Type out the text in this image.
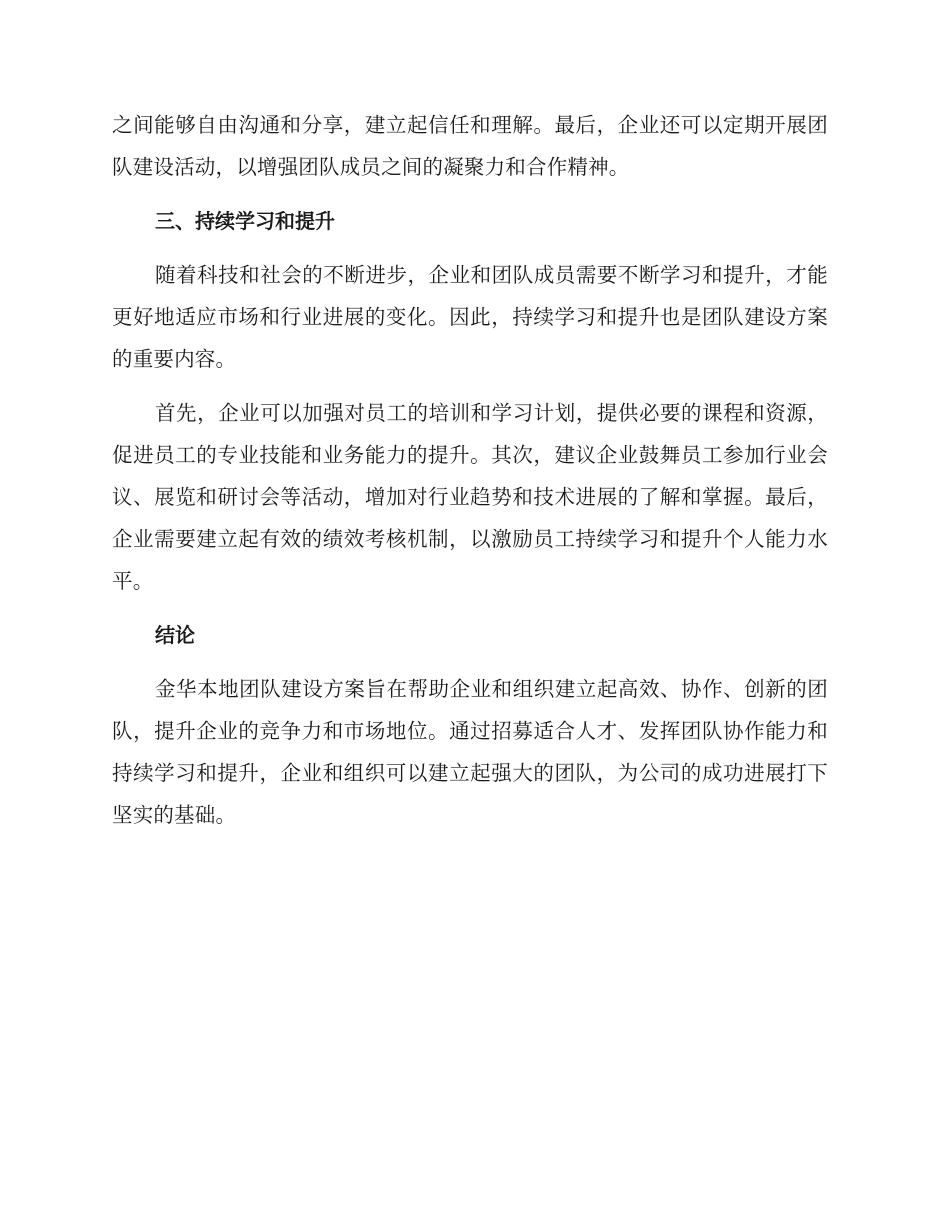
之间能够自由沟通和分享，建立起信任和理解。最后，企业还可以定期开展团队建设活动，以增强团队成员之间的凝聚力和合作精神。

三、持续学习和提升

随着科技和社会的不断进步，企业和团队成员需要不断学习和提升，才能更好地适应市场和行业进展的变化。因此，持续学习和提升也是团队建设方案的重要内容。

首先，企业可以加强对员工的培训和学习计划，提供必要的课程和资源，促进员工的专业技能和业务能力的提升。其次，建议企业鼓舞员工参加行业会议、展览和研讨会等活动，增加对行业趋势和技术进展的了解和掌握。最后，企业需要建立起有效的绩效考核机制，以激励员工持续学习和提升个人能力水平。

结论

金华本地团队建设方案旨在帮助企业和组织建立起高效、协作、创新的团队，提升企业的竞争力和市场地位。通过招募适合人才、发挥团队协作能力和持续学习和提升，企业和组织可以建立起强大的团队，为公司的成功进展打下坚实的基础。
